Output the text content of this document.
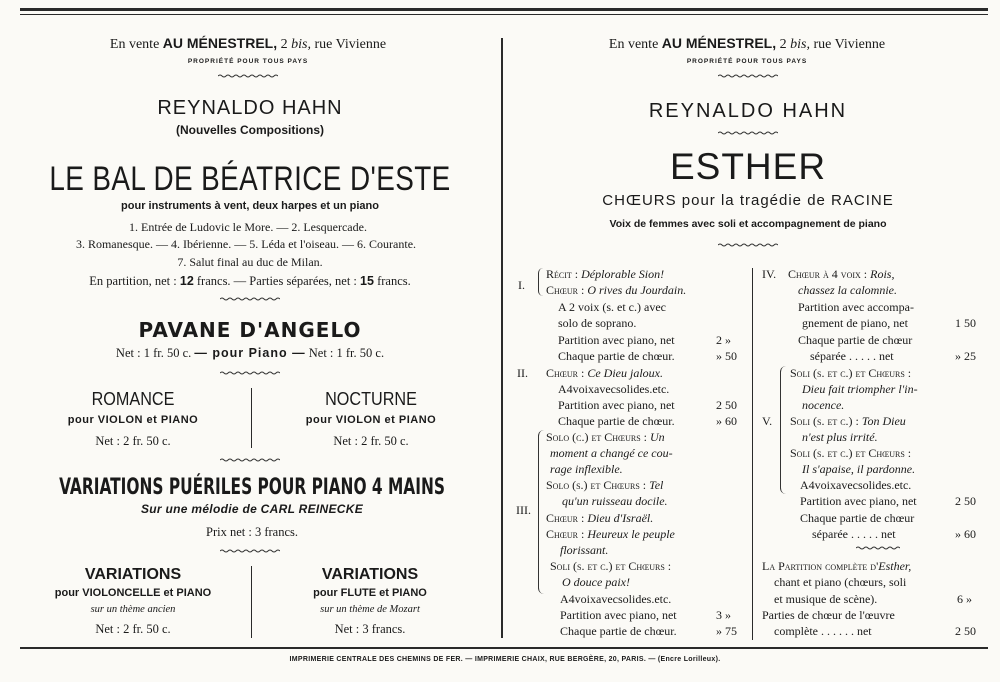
En vente AU MÉNESTREL, 2 bis, rue Vivienne
PROPRIÉTÉ POUR TOUS PAYS
REYNALDO HAHN
(Nouvelles Compositions)
LE BAL DE BÉATRICE D'ESTE
pour instruments à vent, deux harpes et un piano
1. Entrée de Ludovic le More. — 2. Lesquercade.
3. Romanesque. — 4. Ibérienne. — 5. Léda et l'oiseau. — 6. Courante.
7. Salut final au duc de Milan.
En partition, net : 12 francs. — Parties séparées, net : 15 francs.
PAVANE D'ANGELO
Net : 1 fr. 50 c. — pour Piano — Net : 1 fr. 50 c.
ROMANCE
pour VIOLON et PIANO
Net : 2 fr. 50 c.
NOCTURNE
pour VIOLON et PIANO
Net : 2 fr. 50 c.
VARIATIONS PUÉRILES POUR PIANO 4 MAINS
Sur une mélodie de CARL REINECKE
Prix net : 3 francs.
VARIATIONS
pour VIOLONCELLE et PIANO
sur un thème ancien
Net : 2 fr. 50 c.
VARIATIONS
pour FLUTE et PIANO
sur un thème de Mozart
Net : 3 francs.
En vente AU MÉNESTREL, 2 bis, rue Vivienne
PROPRIÉTÉ POUR TOUS PAYS
REYNALDO HAHN
ESTHER
CHŒURS pour la tragédie de RACINE
Voix de femmes avec soli et accompagnement de piano
I.
Récit : Déplorable Sion!
Chœur : O rives du Jourdain.
A 2 voix (s. et c.) avec
solo de soprano.
Partition avec piano, net	2 »
Chaque partie de chœur.	» 50
II. Chœur : Ce Dieu jaloux.
A4voixavecsolides.etc.
Partition avec piano, net	2 50
Chaque partie de chœur.	» 60
Solo (c.) et Chœurs : Un
moment a changé ce cou-
rage inflexible.
Solo (s.) et Chœurs : Tel
qu'un ruisseau docile.
III.
Chœur : Dieu d'Israël.
Chœur : Heureux le peuple
florissant.
Soli (s. et c.) et Chœurs :
O douce paix!
A4voixavecsolides.etc.
Partition avec piano, net	3 »
Chaque partie de chœur.	» 75
IV. Chœur à 4 voix : Rois,
chassez la calomnie.
Partition avec accompa-
gnement de piano, net	1 50
Chaque partie de chœur
séparée . . . . . net	» 25
Soli (s. et c.) et Chœurs :
Dieu fait triompher l'in-
nocence.
V. Soli (s. et c.) : Ton Dieu
n'est plus irrité.
Soli (s. et c.) et Chœurs :
Il s'apaise, il pardonne.
A4voixavecsolides.etc.
Partition avec piano, net	2 50
Chaque partie de chœur
séparée . . . . . net	» 60
La Partition complète d'Esther,
chant et piano (chœurs, soli
et musique de scène).	6 »
Parties de chœur de l'œuvre
complète . . . . . . net	2 50
IMPRIMERIE CENTRALE DES CHEMINS DE FER. — IMPRIMERIE CHAIX, RUE BERGÈRE, 20, PARIS. — (Encre Lorilleux).
